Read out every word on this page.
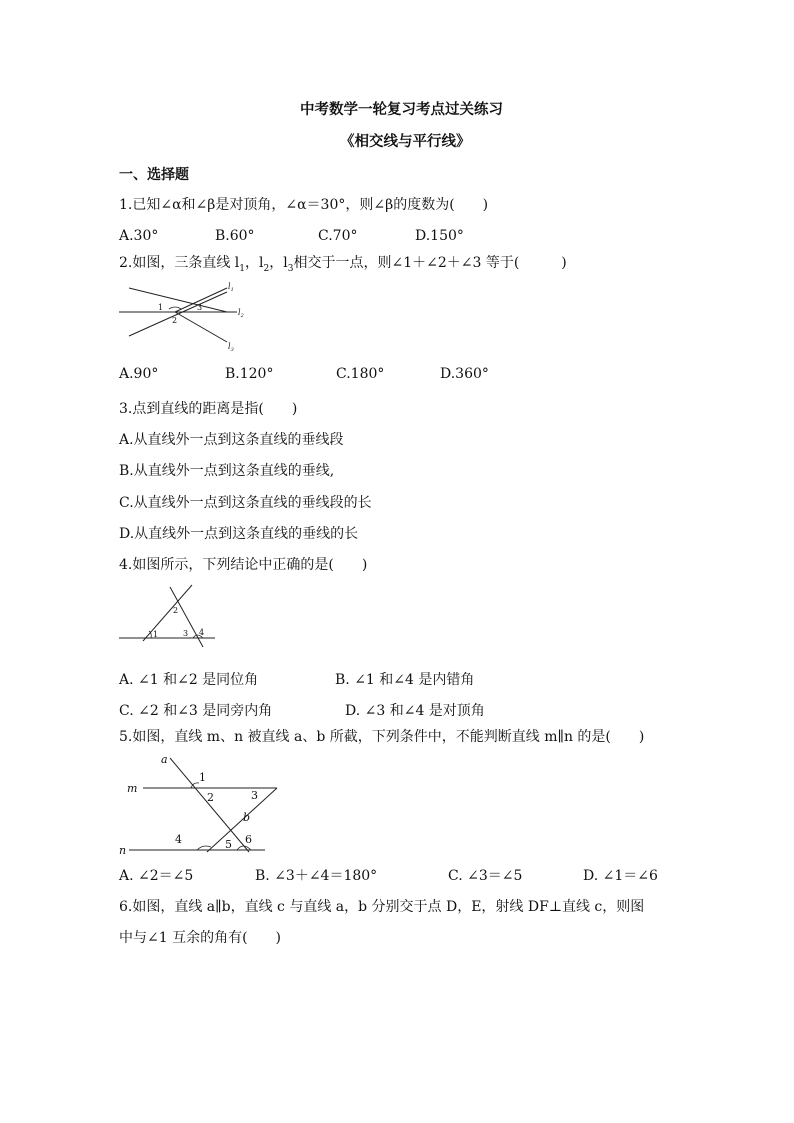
中考数学一轮复习考点过关练习
《相交线与平行线》
一、选择题
1.已知∠α和∠β是对顶角，∠α＝30°，则∠β的度数为(　　)
A.30°	B.60°	C.70°	D.150°
2.如图，三条直线 $l_1$，$l_2$，$l_3$相交于一点，则∠1＋∠2＋∠3 等于(　　　)
1
2
3
$l_1$
$l_2$
$l_3$
A.90°	B.120°	C.180°	D.360°
3.点到直线的距离是指(　　)
A.从直线外一点到这条直线的垂线段
B.从直线外一点到这条直线的垂线,
C.从直线外一点到这条直线的垂线段的长
D.从直线外一点到这条直线的垂线的长
4.如图所示，下列结论中正确的是(　　)
1
2
3 4
A. ∠1 和∠2 是同位角	B. ∠1 和∠4 是内错角
C. ∠2 和∠3 是同旁内角	D. ∠3 和∠4 是对顶角
5.如图，直线 m、n 被直线 a、b 所截，下列条件中，不能判断直线 m∥n 的是(　　)
a
m
n
b
1
2	3
4	5 6
A. ∠2＝∠5	B. ∠3＋∠4＝180°	C. ∠3＝∠5	D. ∠1＝∠6
6.如图，直线 a∥b，直线 c 与直线 a，b 分别交于点 D，E，射线 DF⊥直线 c，则图
中与∠1 互余的角有(　　)
